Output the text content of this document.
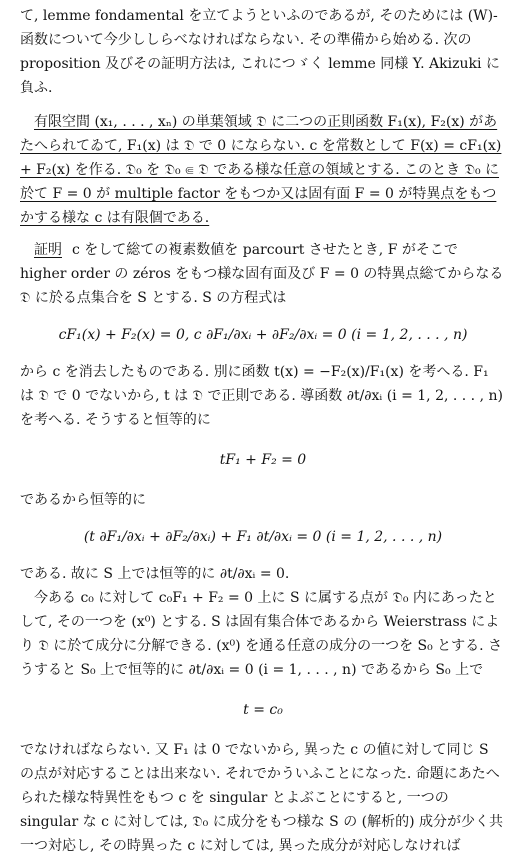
て, lemme fondamental を立てようといふのであるが, そのためには (W)-函数について今少ししらべなければならない. その準備から始める. 次の proposition 及びその証明方法は, これにつゞく lemme 同様 Y. Akizuki に負ふ.

有限空間 (x₁, . . . , xₙ) の単葉領域 𝔇 に二つの正則函数 F₁(x), F₂(x) があたへられてゐて, F₁(x) は 𝔇 で 0 にならない. c を常数として F(x) = cF₁(x) + F₂(x) を作る. 𝔇₀ を 𝔇₀ ⋐ 𝔇 である様な任意の領域とする. このとき 𝔇₀ に於て F = 0 が multiple factor をもつか又は固有面 F = 0 が特異点をもつかする様な c は有限個である.

証明 c をして総ての複素数値を parcourt させたとき, F がそこで higher order の zéros をもつ様な固有面及び F = 0 の特異点総てからなる 𝔇 に於る点集合を S とする. S の方程式は

cF₁(x) + F₂(x) = 0, c ∂F₁/∂xᵢ + ∂F₂/∂xᵢ = 0 (i = 1, 2, . . . , n)

から c を消去したものである. 別に函数 t(x) = −F₂(x)/F₁(x) を考へる. F₁ は 𝔇 で 0 でないから, t は 𝔇 で正則である. 導函数 ∂t/∂xᵢ (i = 1, 2, . . . , n) を考へる. そうすると恒等的に

tF₁ + F₂ = 0

であるから恒等的に

(t ∂F₁/∂xᵢ + ∂F₂/∂xᵢ) + F₁ ∂t/∂xᵢ = 0 (i = 1, 2, . . . , n)

である. 故に S 上では恒等的に ∂t/∂xᵢ = 0.

今ある c₀ に対して c₀F₁ + F₂ = 0 上に S に属する点が 𝔇₀ 内にあったとして, その一つを (x⁰) とする. S は固有集合体であるから Weierstrass により 𝔇 に於て成分に分解できる. (x⁰) を通る任意の成分の一つを S₀ とする. さうすると S₀ 上で恒等的に ∂t/∂xᵢ = 0 (i = 1, . . . , n) であるから S₀ 上で

t = c₀

でなければならない. 又 F₁ は 0 でないから, 異った c の値に対して同じ S の点が対応することは出来ない. それでかういふことになった. 命題にあたへられた様な特異性をもつ c を singular とよぶことにすると, 一つの singular な c に対しては, 𝔇₀ に成分をもつ様な S の (解析的) 成分が少く共一つ対応し, その時異った c に対しては, 異った成分が対応しなければ
